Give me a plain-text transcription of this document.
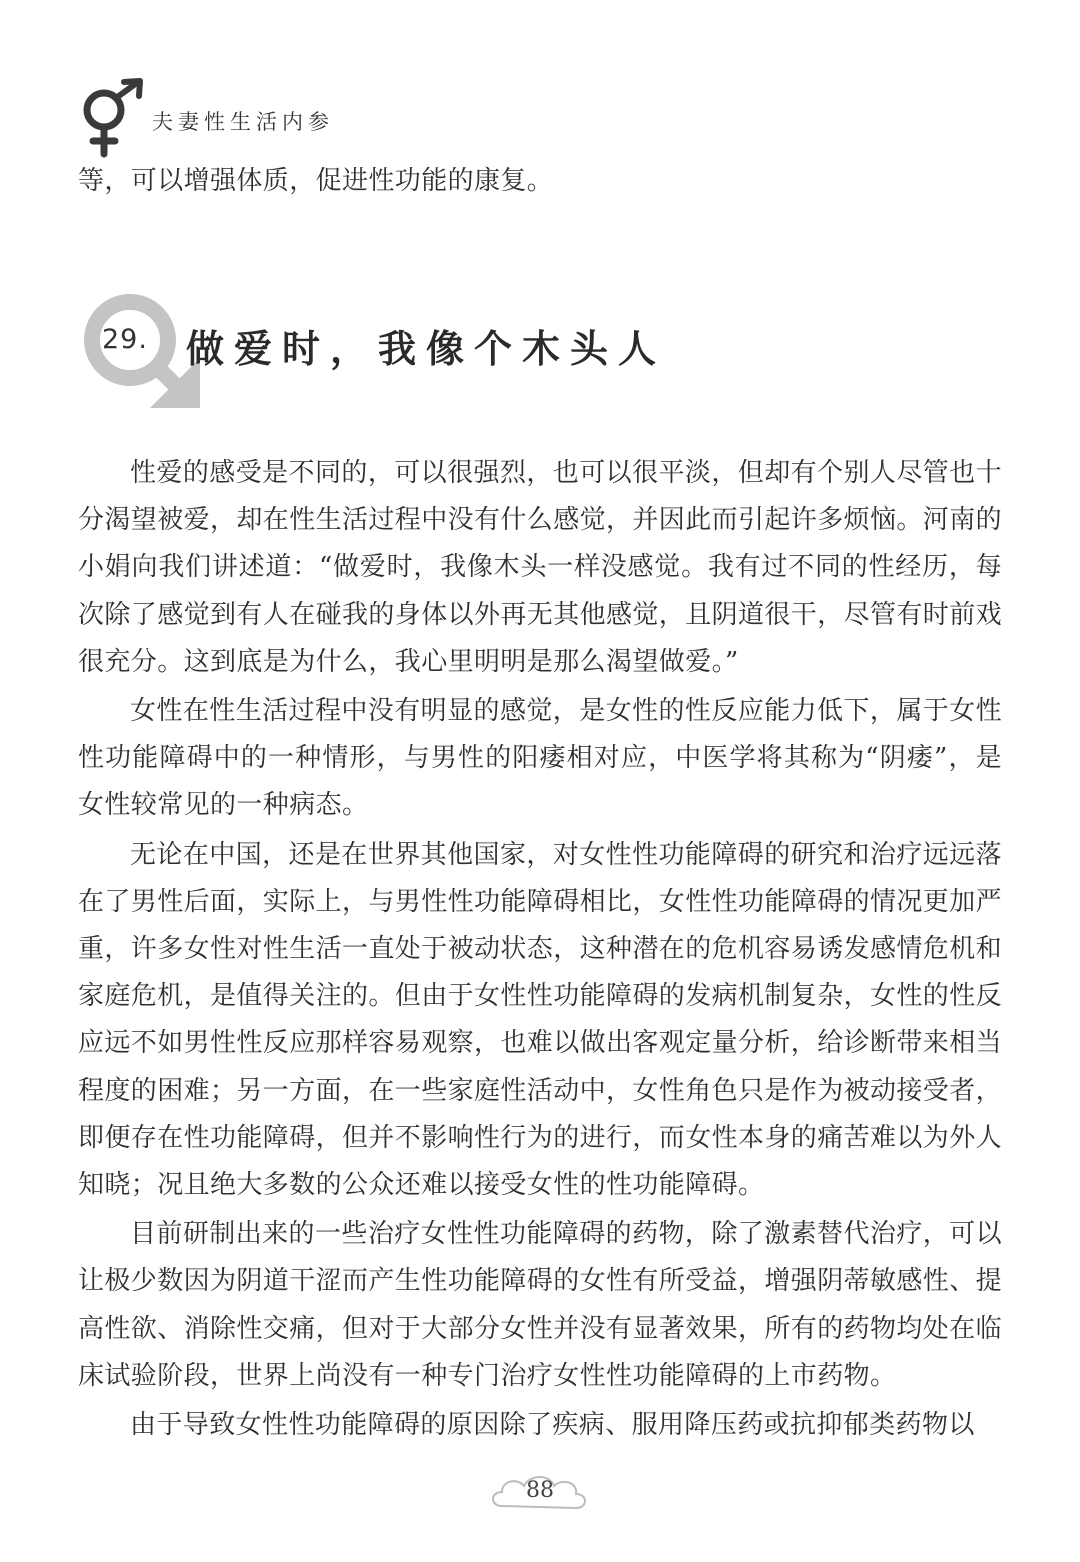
夫妻性生活内参
等，可以增强体质，促进性功能的康复。
29. 做爱时，我像个木头人

性爱的感受是不同的，可以很强烈，也可以很平淡，但却有个别人尽管也十分渴望被爱，却在性生活过程中没有什么感觉，并因此而引起许多烦恼。河南的小娟向我们讲述道：“做爱时，我像木头一样没感觉。我有过不同的性经历，每次除了感觉到有人在碰我的身体以外再无其他感觉，且阴道很干，尽管有时前戏很充分。这到底是为什么，我心里明明是那么渴望做爱。”

女性在性生活过程中没有明显的感觉，是女性的性反应能力低下，属于女性性功能障碍中的一种情形，与男性的阳痿相对应，中医学将其称为“阴痿”，是女性较常见的一种病态。

无论在中国，还是在世界其他国家，对女性性功能障碍的研究和治疗远远落在了男性后面，实际上，与男性性功能障碍相比，女性性功能障碍的情况更加严重，许多女性对性生活一直处于被动状态，这种潜在的危机容易诱发感情危机和家庭危机，是值得关注的。但由于女性性功能障碍的发病机制复杂，女性的性反应远不如男性性反应那样容易观察，也难以做出客观定量分析，给诊断带来相当程度的困难；另一方面，在一些家庭性活动中，女性角色只是作为被动接受者，即便存在性功能障碍，但并不影响性行为的进行，而女性本身的痛苦难以为外人知晓；况且绝大多数的公众还难以接受女性的性功能障碍。

目前研制出来的一些治疗女性性功能障碍的药物，除了激素替代治疗，可以让极少数因为阴道干涩而产生性功能障碍的女性有所受益，增强阴蒂敏感性、提高性欲、消除性交痛，但对于大部分女性并没有显著效果，所有的药物均处在临床试验阶段，世界上尚没有一种专门治疗女性性功能障碍的上市药物。

由于导致女性性功能障碍的原因除了疾病、服用降压药或抗抑郁类药物以

88
